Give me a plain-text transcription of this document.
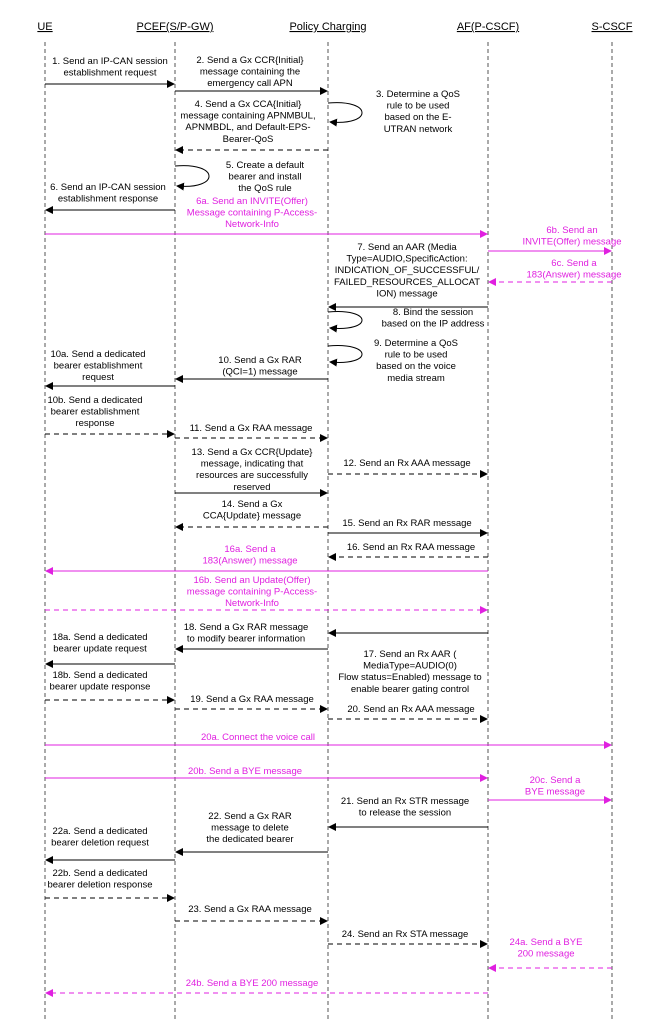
UE	PCEF(S/P-GW)	Policy Charging	AF(P-CSCF)	S-CSCF
1. Send an IP-CAN session establishment request
2. Send a Gx CCR{Initial} message containing the emergency call APN
3. Determine a QoS rule to be used based on the E-UTRAN network
4. Send a Gx CCA{Initial} message containing APNMBUL, APNMBDL, and Default-EPS-Bearer-QoS
5. Create a default bearer and install the QoS rule
6. Send an IP-CAN session establishment response	6a. Send an INVITE(Offer) Message containing P-Access-Network-Info
6b. Send an INVITE(Offer) message
6c. Send a 183(Answer) message
7. Send an AAR (Media Type=AUDIO,SpecificAction: INDICATION_OF_SUCCESSFUL/ FAILED_RESOURCES_ALLOCAT ION) message
8. Bind the session based on the IP address
9. Determine a QoS rule to be used based on the voice media stream
10. Send a Gx RAR (QCI=1) message
10a. Send a dedicated bearer establishment request
10b. Send a dedicated bearer establishment response	11. Send a Gx RAA message
12. Send an Rx AAA message
13. Send a Gx CCR{Update} message, indicating that resources are successfully reserved
14. Send a Gx CCA{Update} message
15. Send an Rx RAR message
16. Send an Rx RAA message
16a. Send a 183(Answer) message
16b. Send an Update(Offer) message containing P-Access-Network-Info
17. Send an Rx AAR ( MediaType=AUDIO(0) Flow status=Enabled) message to enable bearer gating control
18. Send a Gx RAR message to modify bearer information
18a. Send a dedicated bearer update request
18b. Send a dedicated bearer update response
19. Send a Gx RAA message
20. Send an Rx AAA message
20a. Connect the voice call
20b. Send a BYE message
20c. Send a BYE message
21. Send an Rx STR message to release the session
22. Send a Gx RAR message to delete the dedicated bearer
22a. Send a dedicated bearer deletion request
22b. Send a dedicated bearer deletion response
23. Send a Gx RAA message
24. Send an Rx STA message
24a. Send a BYE 200 message
24b. Send a BYE 200 message
